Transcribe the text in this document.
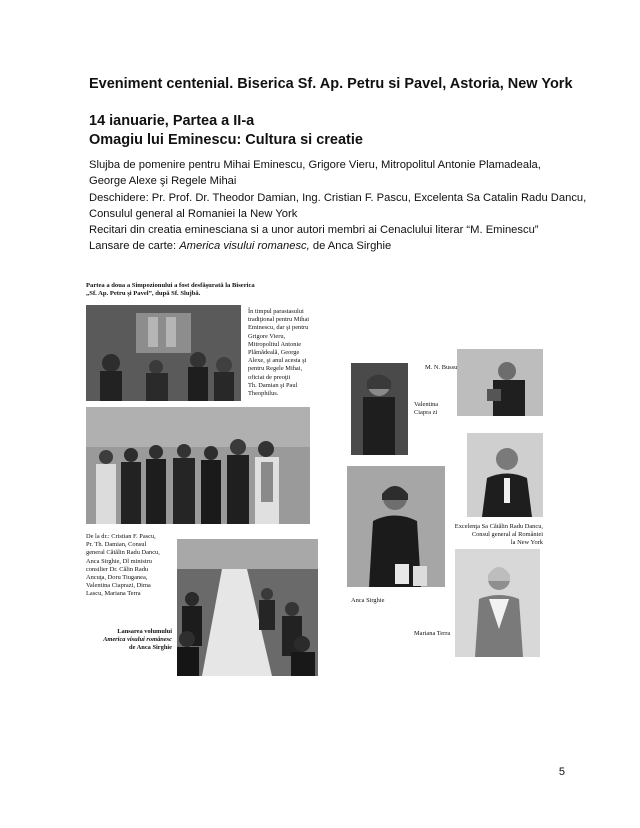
Eveniment centenial. Biserica Sf. Ap. Petru si Pavel, Astoria, New York
14 ianuarie, Partea a II-a
Omagiu lui Eminescu: Cultura si creatie

Slujba de pomenire pentru Mihai Eminescu, Grigore Vieru, Mitropolitul Antonie Plamadeala,

George Alexe şi Regele Mihai

Deschidere: Pr. Prof. Dr. Theodor Damian, Ing. Cristian F. Pascu, Excelenta Sa Catalin Radu Dancu,

Consulul general al Romaniei la New York

Recitari din creatia eminesciana si a unor autori membri ai Cenaclului literar “M. Eminescu”

Lansare de carte: America visului romanesc, de Anca Sirghie

Partea a doua a Simpozionului a fost desfăşurată la Biserica
„Sf. Ap. Petru şi Pavel”, după Sf. Slujbă.
În timpul parastasului
tradiţional pentru Mihai
Eminescu, dar şi pentru
Grigore Vieru,
Mitropolitul Antonie
Plămădeală, George
Alexe, şi anul acesta şi
pentru Regele Mihai,
oficiat de preoţii
Th. Damian şi Paul
Theophilus.
De la dr.: Cristian F. Pascu,
Pr. Th. Damian, Consul
general Cătălin Radu Dancu,
Anca Sirghie, Dl ministru
consilier Dr. Călin Radu
Ancuţa, Doru Tiuganea,
Valentina Ciaprazi, Dima
Lascu, Mariana Terra
Lansarea volumului
America visului românesc
de Anca Sirghie
Valentina
Ciapra zi
M. N. Bussu
Excelenţa Sa Cătălin Radu Dancu,
Consul general al României
la New York
Anca Sirghie
Mariana Terra
5
